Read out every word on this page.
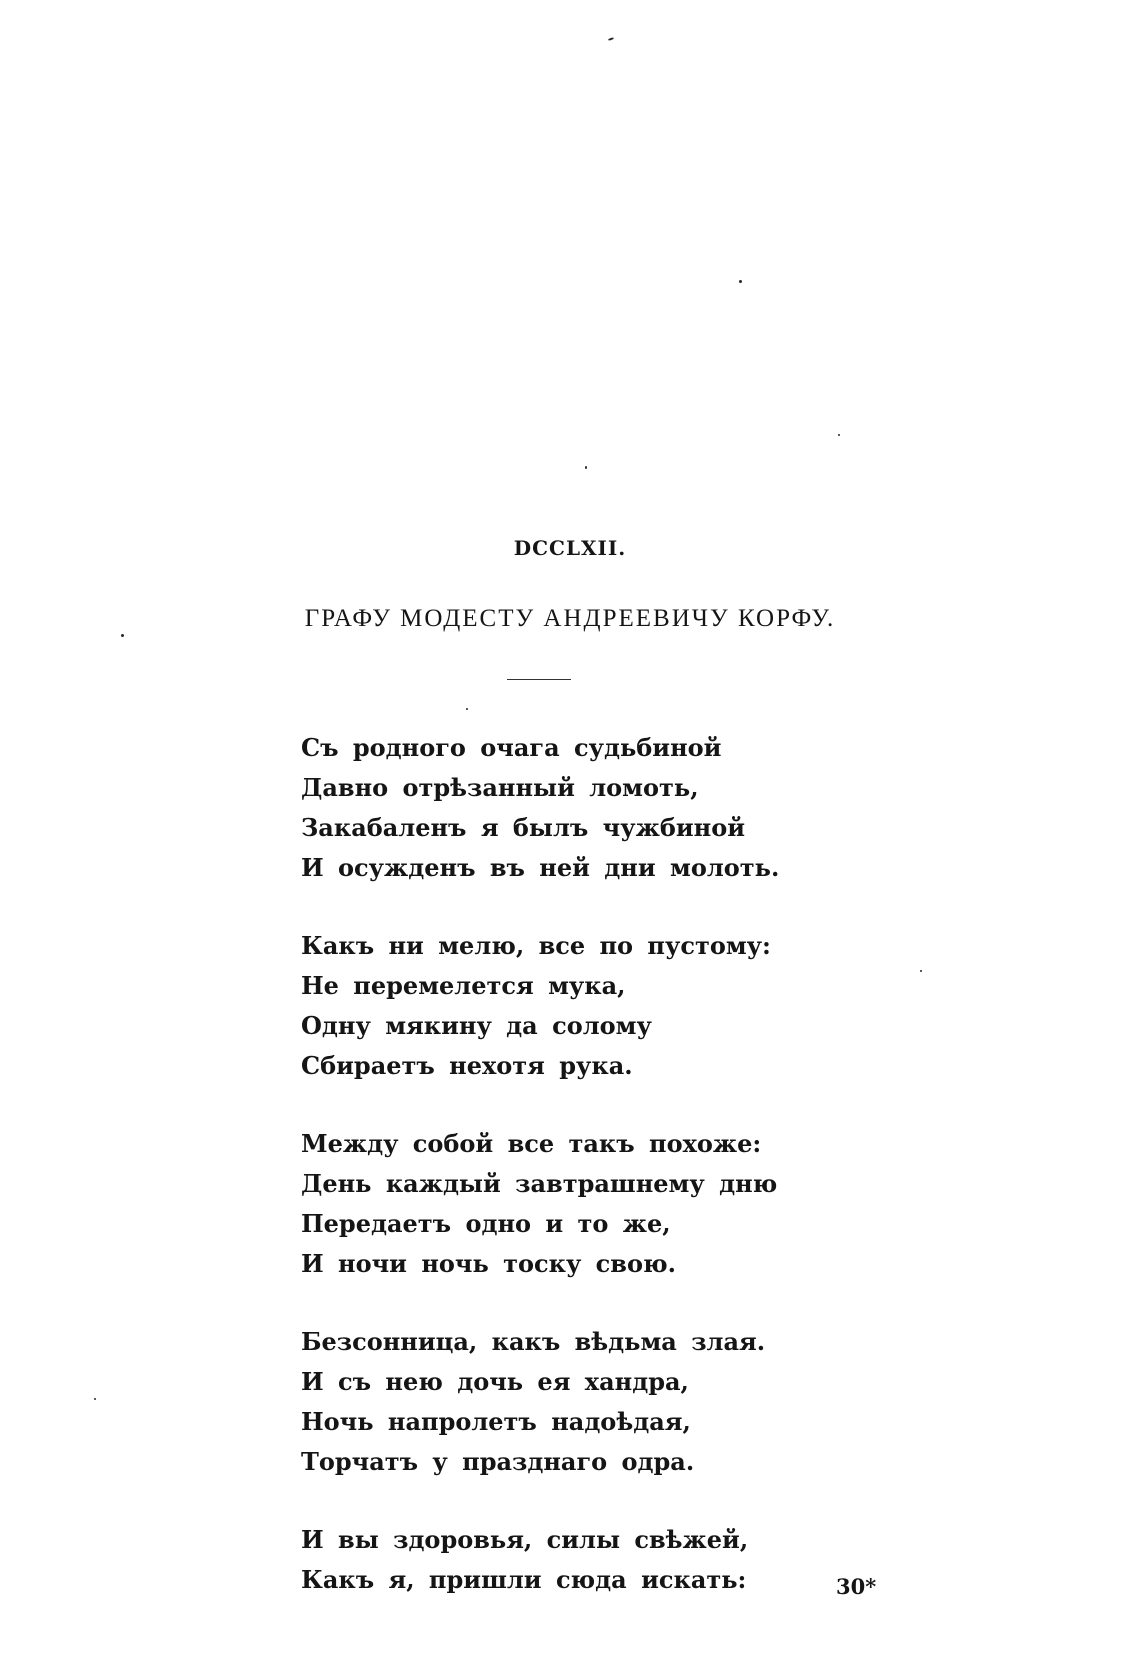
DCCLXII.
ГРАФУ МОДЕСТУ АНДРЕЕВИЧУ КОРФУ.
Съ родного очага судьбиной
Давно отрѣзанный ломоть,
Закабаленъ я былъ чужбиной
И осужденъ въ ней дни молоть.
Какъ ни мелю, все по пустому:
Не перемелется мука,
Одну мякину да солому
Сбираетъ нехотя рука.
Между собой все такъ похоже:
День каждый завтрашнему дню
Передаетъ одно и то же,
И ночи ночь тоску свою.
Безсонница, какъ вѣдьма злая.
И съ нею дочь ея хандра,
Ночь напролетъ надоѣдая,
Торчатъ у празднаго одра.
И вы здоровья, силы свѣжей,
Какъ я, пришли сюда искать:	30*
